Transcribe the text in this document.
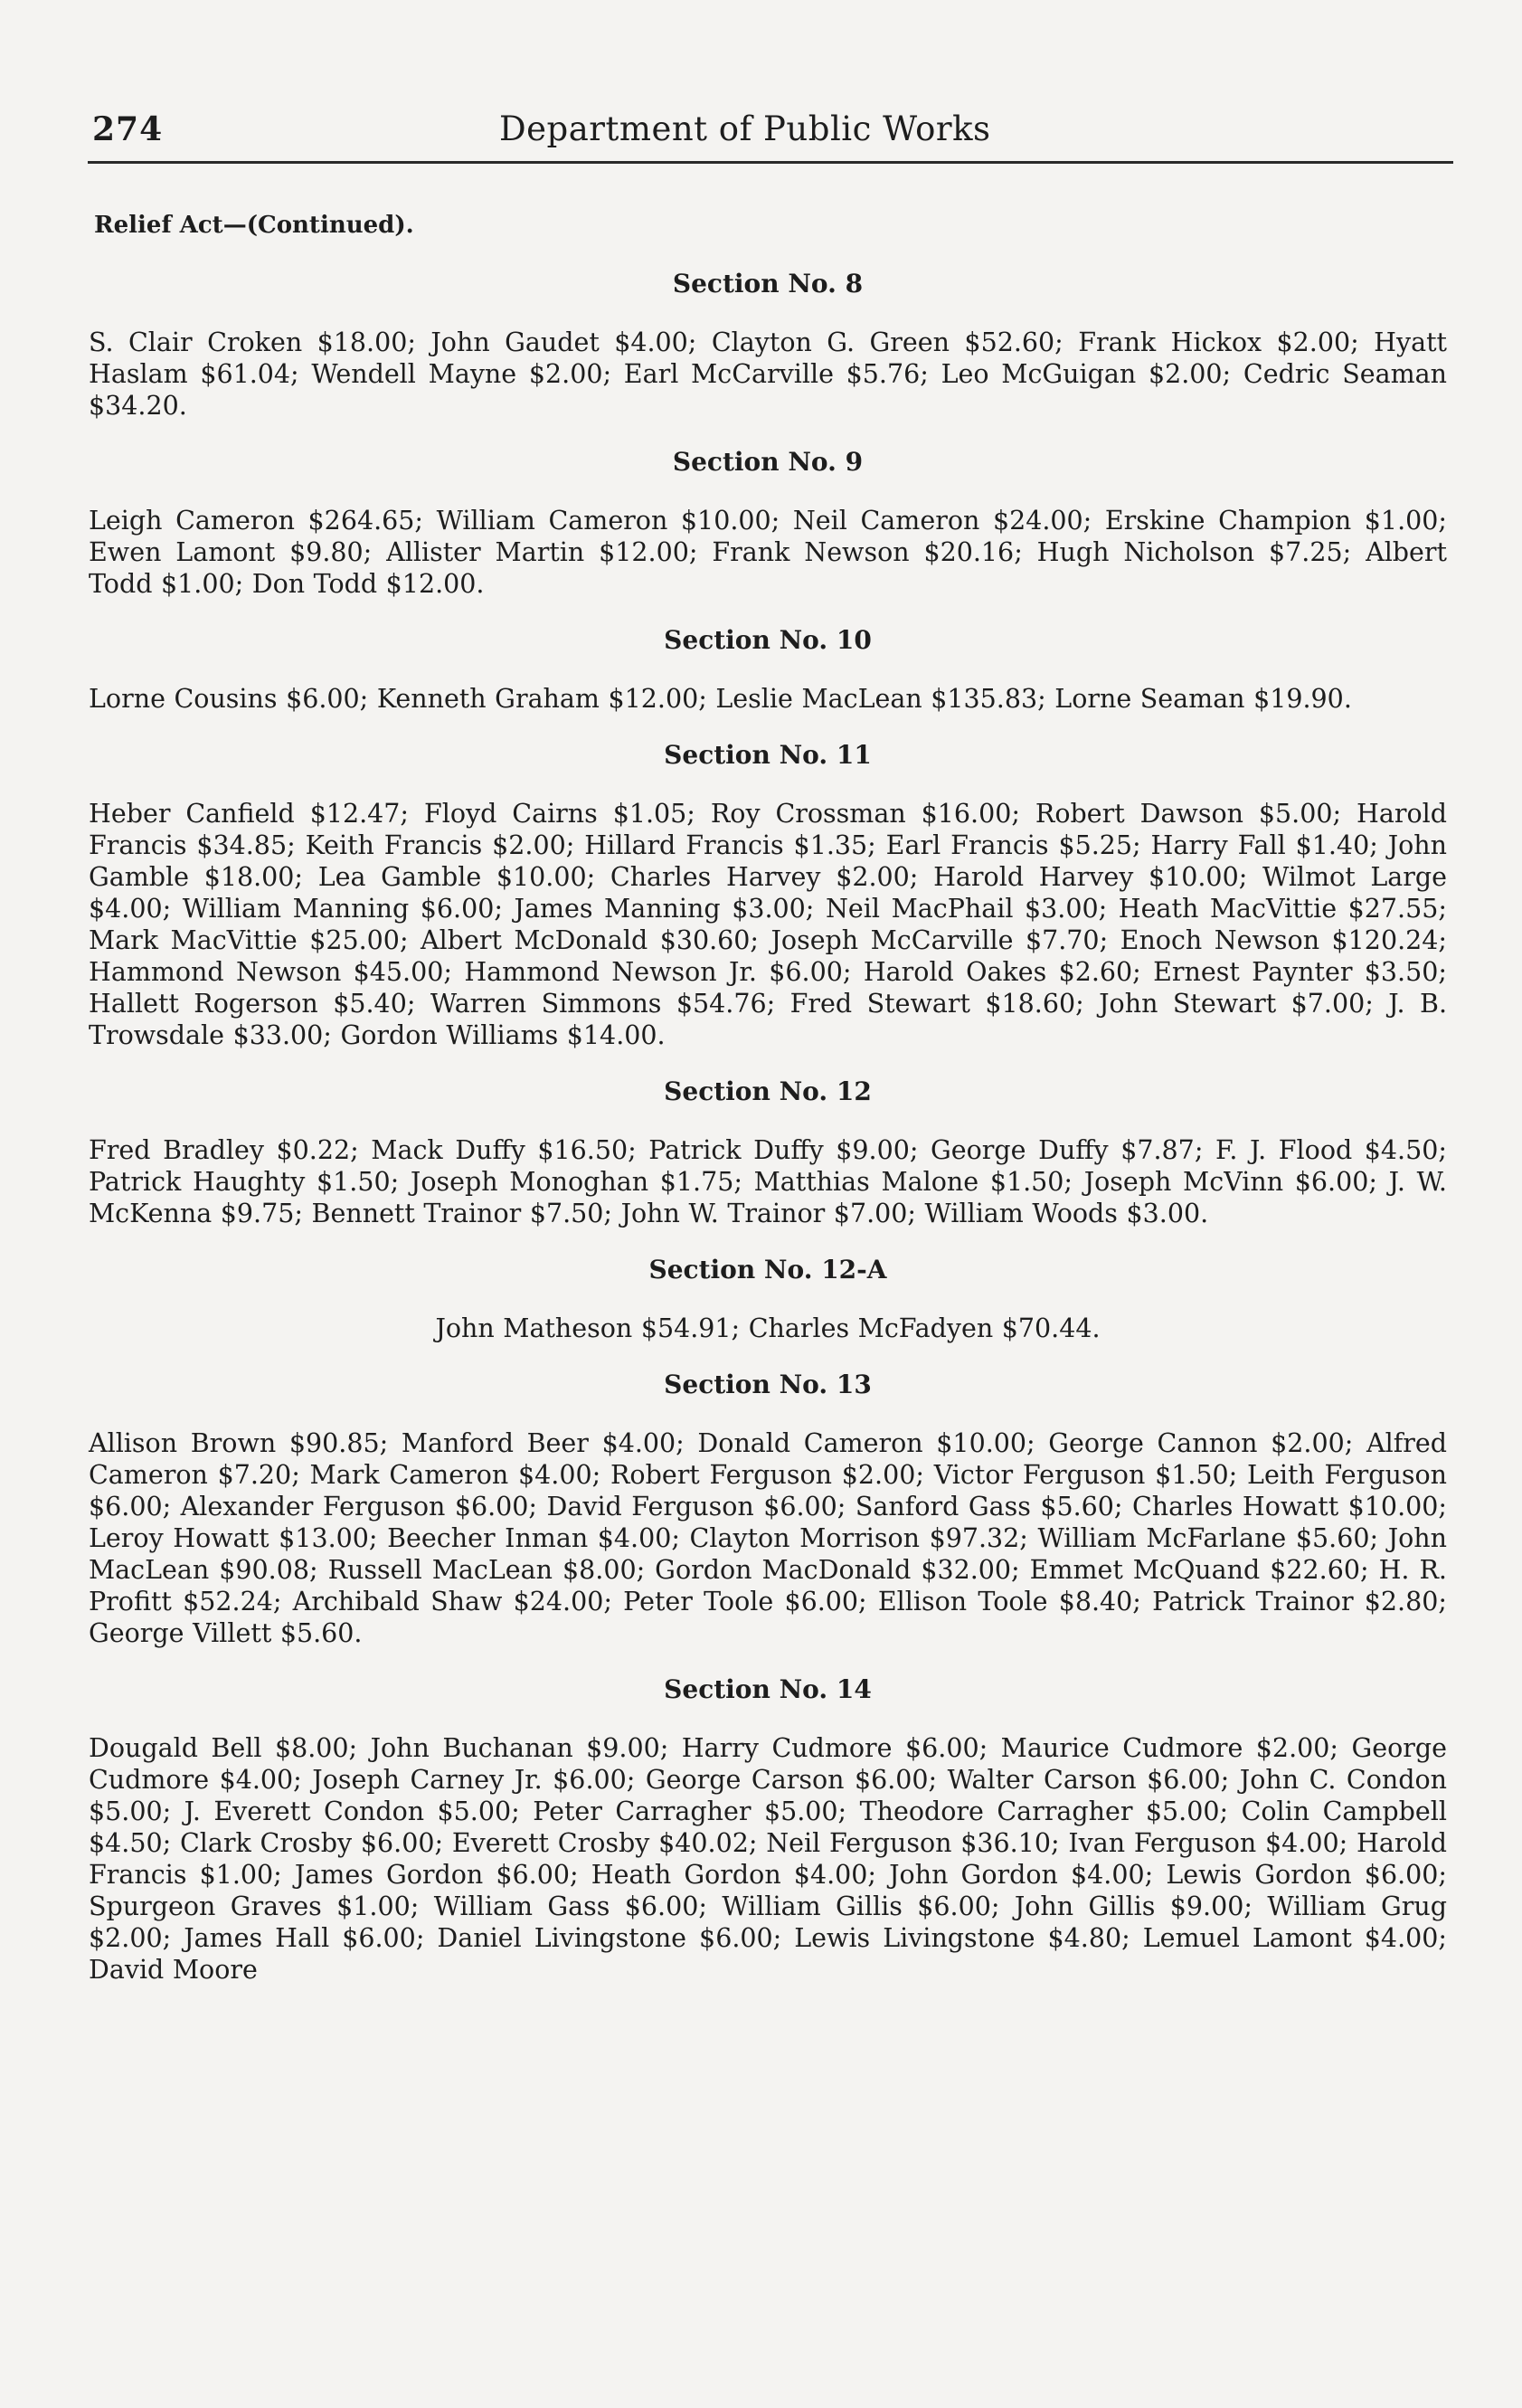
274	Department of Public Works
Relief Act—(Continued).
Section No. 8

S. Clair Croken $18.00; John Gaudet $4.00; Clayton G. Green $52.60; Frank Hickox $2.00; Hyatt Haslam $61.04; Wendell Mayne $2.00; Earl McCarville $5.76; Leo McGuigan $2.00; Cedric Seaman $34.20.

Section No. 9

Leigh Cameron $264.65; William Cameron $10.00; Neil Cameron $24.00; Erskine Champion $1.00; Ewen Lamont $9.80; Allister Martin $12.00; Frank Newson $20.16; Hugh Nicholson $7.25; Albert Todd $1.00; Don Todd $12.00.

Section No. 10

Lorne Cousins $6.00; Kenneth Graham $12.00; Leslie MacLean $135.83; Lorne Seaman $19.90.

Section No. 11

Heber Canfield $12.47; Floyd Cairns $1.05; Roy Crossman $16.00; Robert Dawson $5.00; Harold Francis $34.85; Keith Francis $2.00; Hillard Francis $1.35; Earl Francis $5.25; Harry Fall $1.40; John Gamble $18.00; Lea Gamble $10.00; Charles Harvey $2.00; Harold Harvey $10.00; Wilmot Large $4.00; William Manning $6.00; James Manning $3.00; Neil MacPhail $3.00; Heath MacVittie $27.55; Mark MacVittie $25.00; Albert McDonald $30.60; Joseph McCarville $7.70; Enoch Newson $120.24; Hammond Newson $45.00; Hammond Newson Jr. $6.00; Harold Oakes $2.60; Ernest Paynter $3.50; Hallett Rogerson $5.40; Warren Simmons $54.76; Fred Stewart $18.60; John Stewart $7.00; J. B. Trowsdale $33.00; Gordon Williams $14.00.

Section No. 12

Fred Bradley $0.22; Mack Duffy $16.50; Patrick Duffy $9.00; George Duffy $7.87; F. J. Flood $4.50; Patrick Haughty $1.50; Joseph Monoghan $1.75; Matthias Malone $1.50; Joseph McVinn $6.00; J. W. McKenna $9.75; Bennett Trainor $7.50; John W. Trainor $7.00; William Woods $3.00.

Section No. 12-A

John Matheson $54.91; Charles McFadyen $70.44.

Section No. 13

Allison Brown $90.85; Manford Beer $4.00; Donald Cameron $10.00; George Cannon $2.00; Alfred Cameron $7.20; Mark Cameron $4.00; Robert Ferguson $2.00; Victor Ferguson $1.50; Leith Ferguson $6.00; Alexander Ferguson $6.00; David Ferguson $6.00; Sanford Gass $5.60; Charles Howatt $10.00; Leroy Howatt $13.00; Beecher Inman $4.00; Clayton Morrison $97.32; William McFarlane $5.60; John MacLean $90.08; Russell MacLean $8.00; Gordon MacDonald $32.00; Emmet McQuand $22.60; H. R. Profitt $52.24; Archibald Shaw $24.00; Peter Toole $6.00; Ellison Toole $8.40; Patrick Trainor $2.80; George Villett $5.60.

Section No. 14

Dougald Bell $8.00; John Buchanan $9.00; Harry Cudmore $6.00; Maurice Cudmore $2.00; George Cudmore $4.00; Joseph Carney Jr. $6.00; George Carson $6.00; Walter Carson $6.00; John C. Condon $5.00; J. Everett Condon $5.00; Peter Carragher $5.00; Theodore Carragher $5.00; Colin Campbell $4.50; Clark Crosby $6.00; Everett Crosby $40.02; Neil Ferguson $36.10; Ivan Ferguson $4.00; Harold Francis $1.00; James Gordon $6.00; Heath Gordon $4.00; John Gordon $4.00; Lewis Gordon $6.00; Spurgeon Graves $1.00; William Gass $6.00; William Gillis $6.00; John Gillis $9.00; William Grug $2.00; James Hall $6.00; Daniel Livingstone $6.00; Lewis Livingstone $4.80; Lemuel Lamont $4.00; David Moore
